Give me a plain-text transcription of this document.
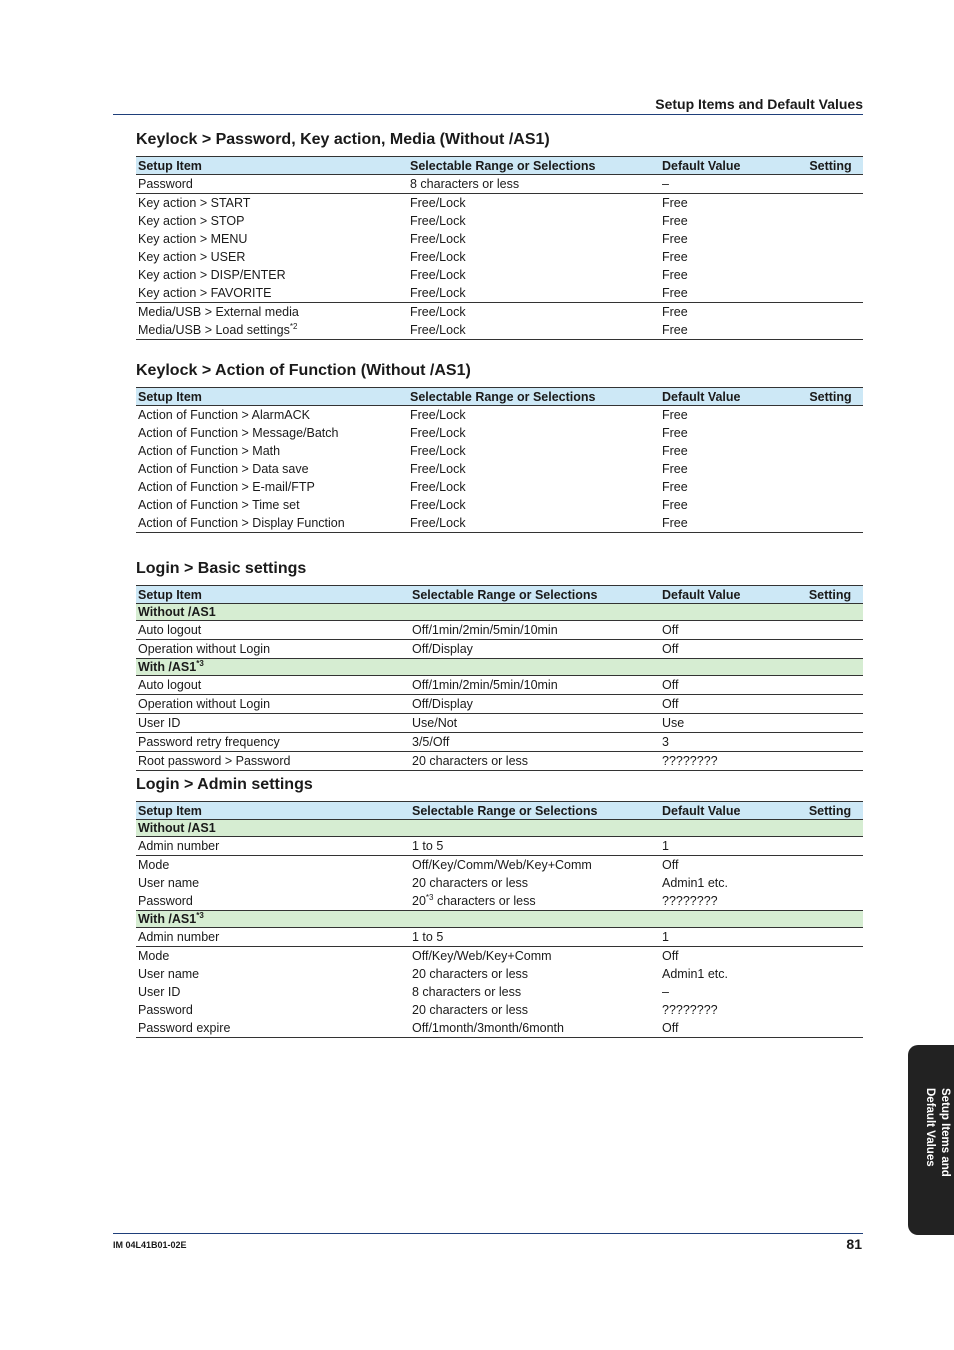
Setup Items and Default Values
Keylock > Password, Key action, Media (Without /AS1)
Setup Item	Selectable Range or Selections	Default Value	Setting
Password	8 characters or less	–	
Key action > START	Free/Lock	Free	
Key action > STOP	Free/Lock	Free	
Key action > MENU	Free/Lock	Free	
Key action > USER	Free/Lock	Free	
Key action > DISP/ENTER	Free/Lock	Free	
Key action > FAVORITE	Free/Lock	Free	
Media/USB > External media	Free/Lock	Free	
Media/USB > Load settings$^{*2}$	Free/Lock	Free	
Keylock > Action of Function (Without /AS1)
Setup Item	Selectable Range or Selections	Default Value	Setting
Action of Function > AlarmACK	Free/Lock	Free	
Action of Function > Message/Batch	Free/Lock	Free	
Action of Function > Math	Free/Lock	Free	
Action of Function > Data save	Free/Lock	Free	
Action of Function > E-mail/FTP	Free/Lock	Free	
Action of Function > Time set	Free/Lock	Free	
Action of Function > Display Function	Free/Lock	Free	
Login > Basic settings
Setup Item	Selectable Range or Selections	Default Value	Setting
Without /AS1			
Auto logout	Off/1min/2min/5min/10min	Off	
Operation without Login	Off/Display	Off	
With /AS1$^{*3}$
Auto logout	Off/1min/2min/5min/10min	Off	
Operation without Login	Off/Display	Off	
User ID	Use/Not	Use	
Password retry frequency	3/5/Off	3	
Root password > Password	20 characters or less	????????	
Login > Admin settings
Setup Item	Selectable Range or Selections	Default Value	Setting
Without /AS1			
Admin number	1 to 5	1	
Mode	Off/Key/Comm/Web/Key+Comm	Off	
User name	20 characters or less	Admin1 etc.	
Password	20$^{*3}$ characters or less	????????	
With /AS1$^{*3}$
Admin number	1 to 5	1	
Mode	Off/Key/Web/Key+Comm	Off	
User name	20 characters or less	Admin1 etc.	
User ID	8 characters or less	–	
Password	20 characters or less	????????	
Password expire	Off/1month/3month/6month	Off	
Setup Items and
Default Values
IM 04L41B01-02E	81
